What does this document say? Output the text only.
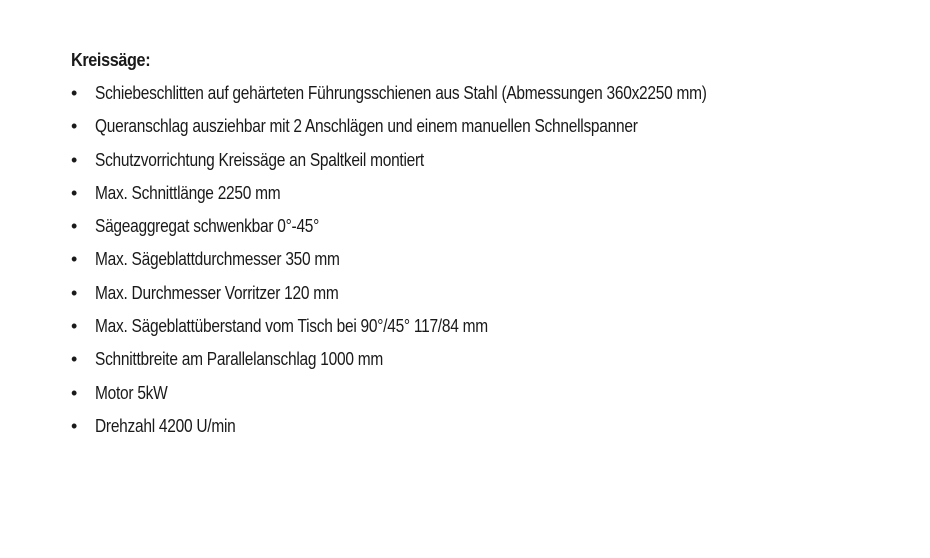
Kreissäge:
• Schiebeschlitten auf gehärteten Führungsschienen aus Stahl (Abmessungen 360x2250 mm)
• Queranschlag ausziehbar mit 2 Anschlägen und einem manuellen Schnellspanner
• Schutzvorrichtung Kreissäge an Spaltkeil montiert
• Max. Schnittlänge 2250 mm
• Sägeaggregat schwenkbar 0°-45°
• Max. Sägeblattdurchmesser 350 mm
• Max. Durchmesser Vorritzer 120 mm
• Max. Sägeblattüberstand vom Tisch bei 90°/45° 117/84 mm
• Schnittbreite am Parallelanschlag 1000 mm
• Motor 5kW
• Drehzahl 4200 U/min
